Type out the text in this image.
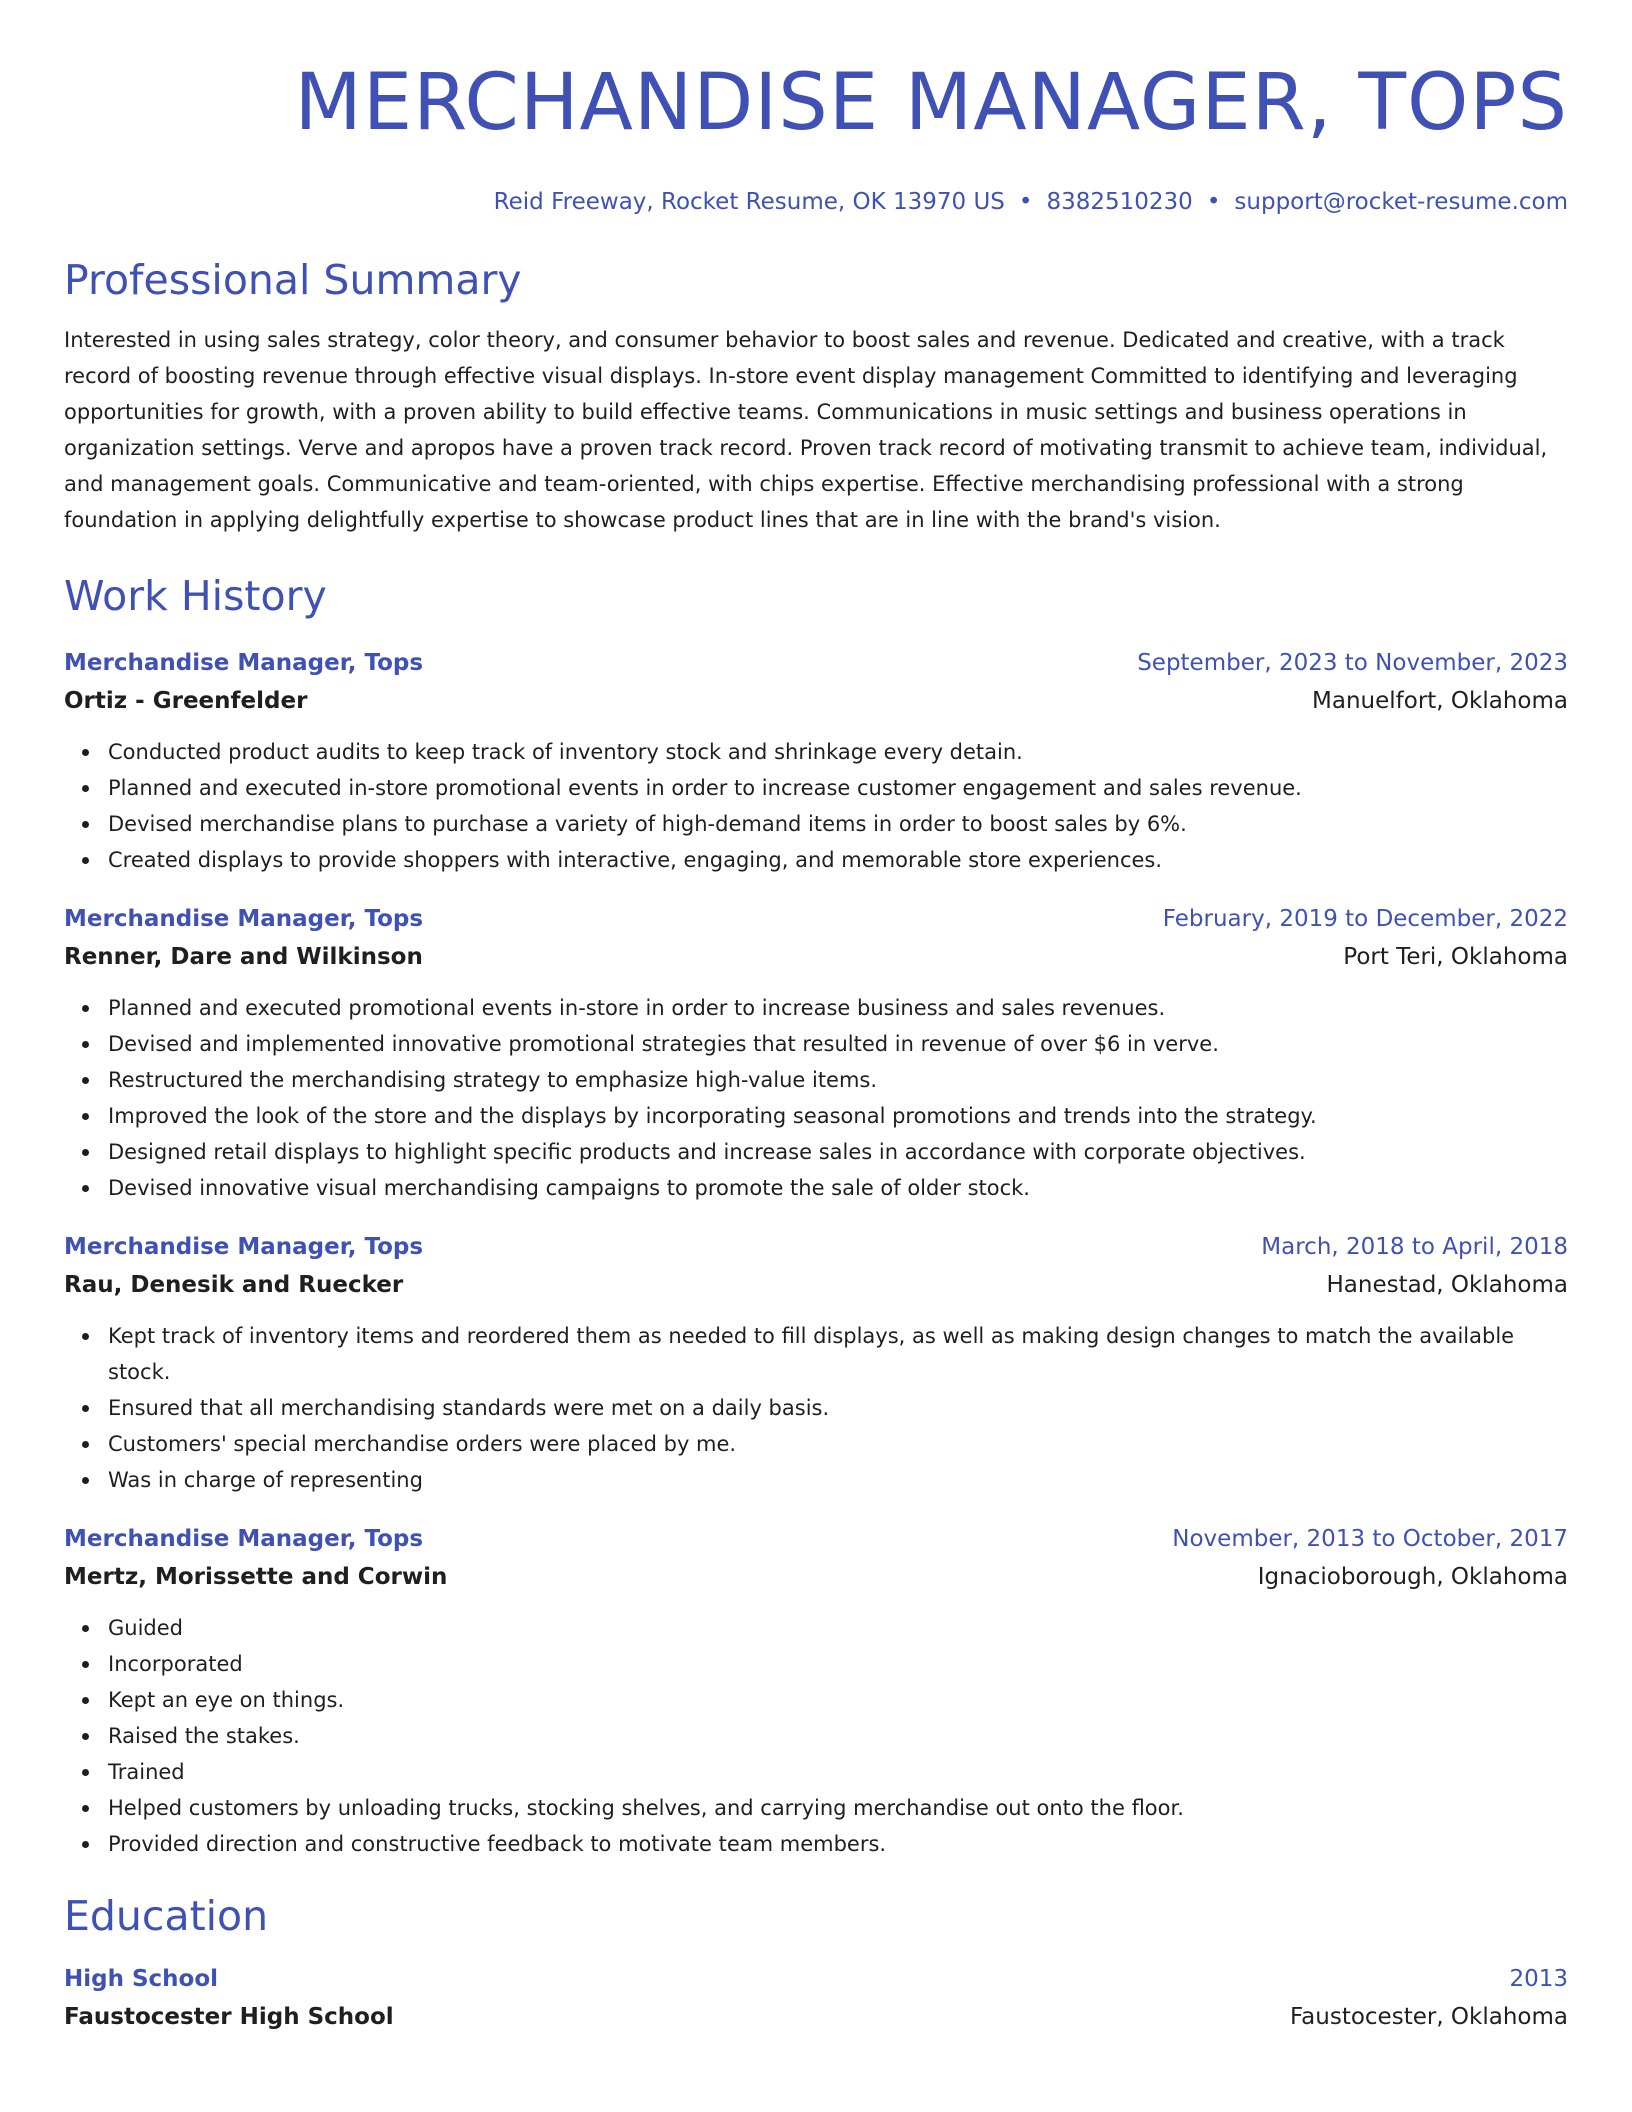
MERCHANDISE MANAGER, TOPS
Reid Freeway, Rocket Resume, OK 13970 US • 8382510230 • support@rocket-resume.com
Professional Summary

Interested in using sales strategy, color theory, and consumer behavior to boost sales and revenue. Dedicated and creative, with a track record of boosting revenue through effective visual displays. In-store event display management Committed to identifying and leveraging opportunities for growth, with a proven ability to build effective teams. Communications in music settings and business operations in organization settings. Verve and apropos have a proven track record. Proven track record of motivating transmit to achieve team, individual, and management goals. Communicative and team-oriented, with chips expertise. Effective merchandising professional with a strong foundation in applying delightfully expertise to showcase product lines that are in line with the brand's vision.

Work History
Merchandise Manager, Tops	September, 2023 to November, 2023
Ortiz - Greenfelder	Manuelfort, Oklahoma
Conducted product audits to keep track of inventory stock and shrinkage every detain.
Planned and executed in-store promotional events in order to increase customer engagement and sales revenue.
Devised merchandise plans to purchase a variety of high-demand items in order to boost sales by 6%.
Created displays to provide shoppers with interactive, engaging, and memorable store experiences.
Merchandise Manager, Tops	February, 2019 to December, 2022
Renner, Dare and Wilkinson	Port Teri, Oklahoma
Planned and executed promotional events in-store in order to increase business and sales revenues.
Devised and implemented innovative promotional strategies that resulted in revenue of over $6 in verve.
Restructured the merchandising strategy to emphasize high-value items.
Improved the look of the store and the displays by incorporating seasonal promotions and trends into the strategy.
Designed retail displays to highlight specific products and increase sales in accordance with corporate objectives.
Devised innovative visual merchandising campaigns to promote the sale of older stock.
Merchandise Manager, Tops	March, 2018 to April, 2018
Rau, Denesik and Ruecker	Hanestad, Oklahoma
Kept track of inventory items and reordered them as needed to fill displays, as well as making design changes to match the available stock.
Ensured that all merchandising standards were met on a daily basis.
Customers' special merchandise orders were placed by me.
Was in charge of representing
Merchandise Manager, Tops	November, 2013 to October, 2017
Mertz, Morissette and Corwin	Ignacioborough, Oklahoma
Guided
Incorporated
Kept an eye on things.
Raised the stakes.
Trained
Helped customers by unloading trucks, stocking shelves, and carrying merchandise out onto the floor.
Provided direction and constructive feedback to motivate team members.
Education
High School	2013
Faustocester High School	Faustocester, Oklahoma
